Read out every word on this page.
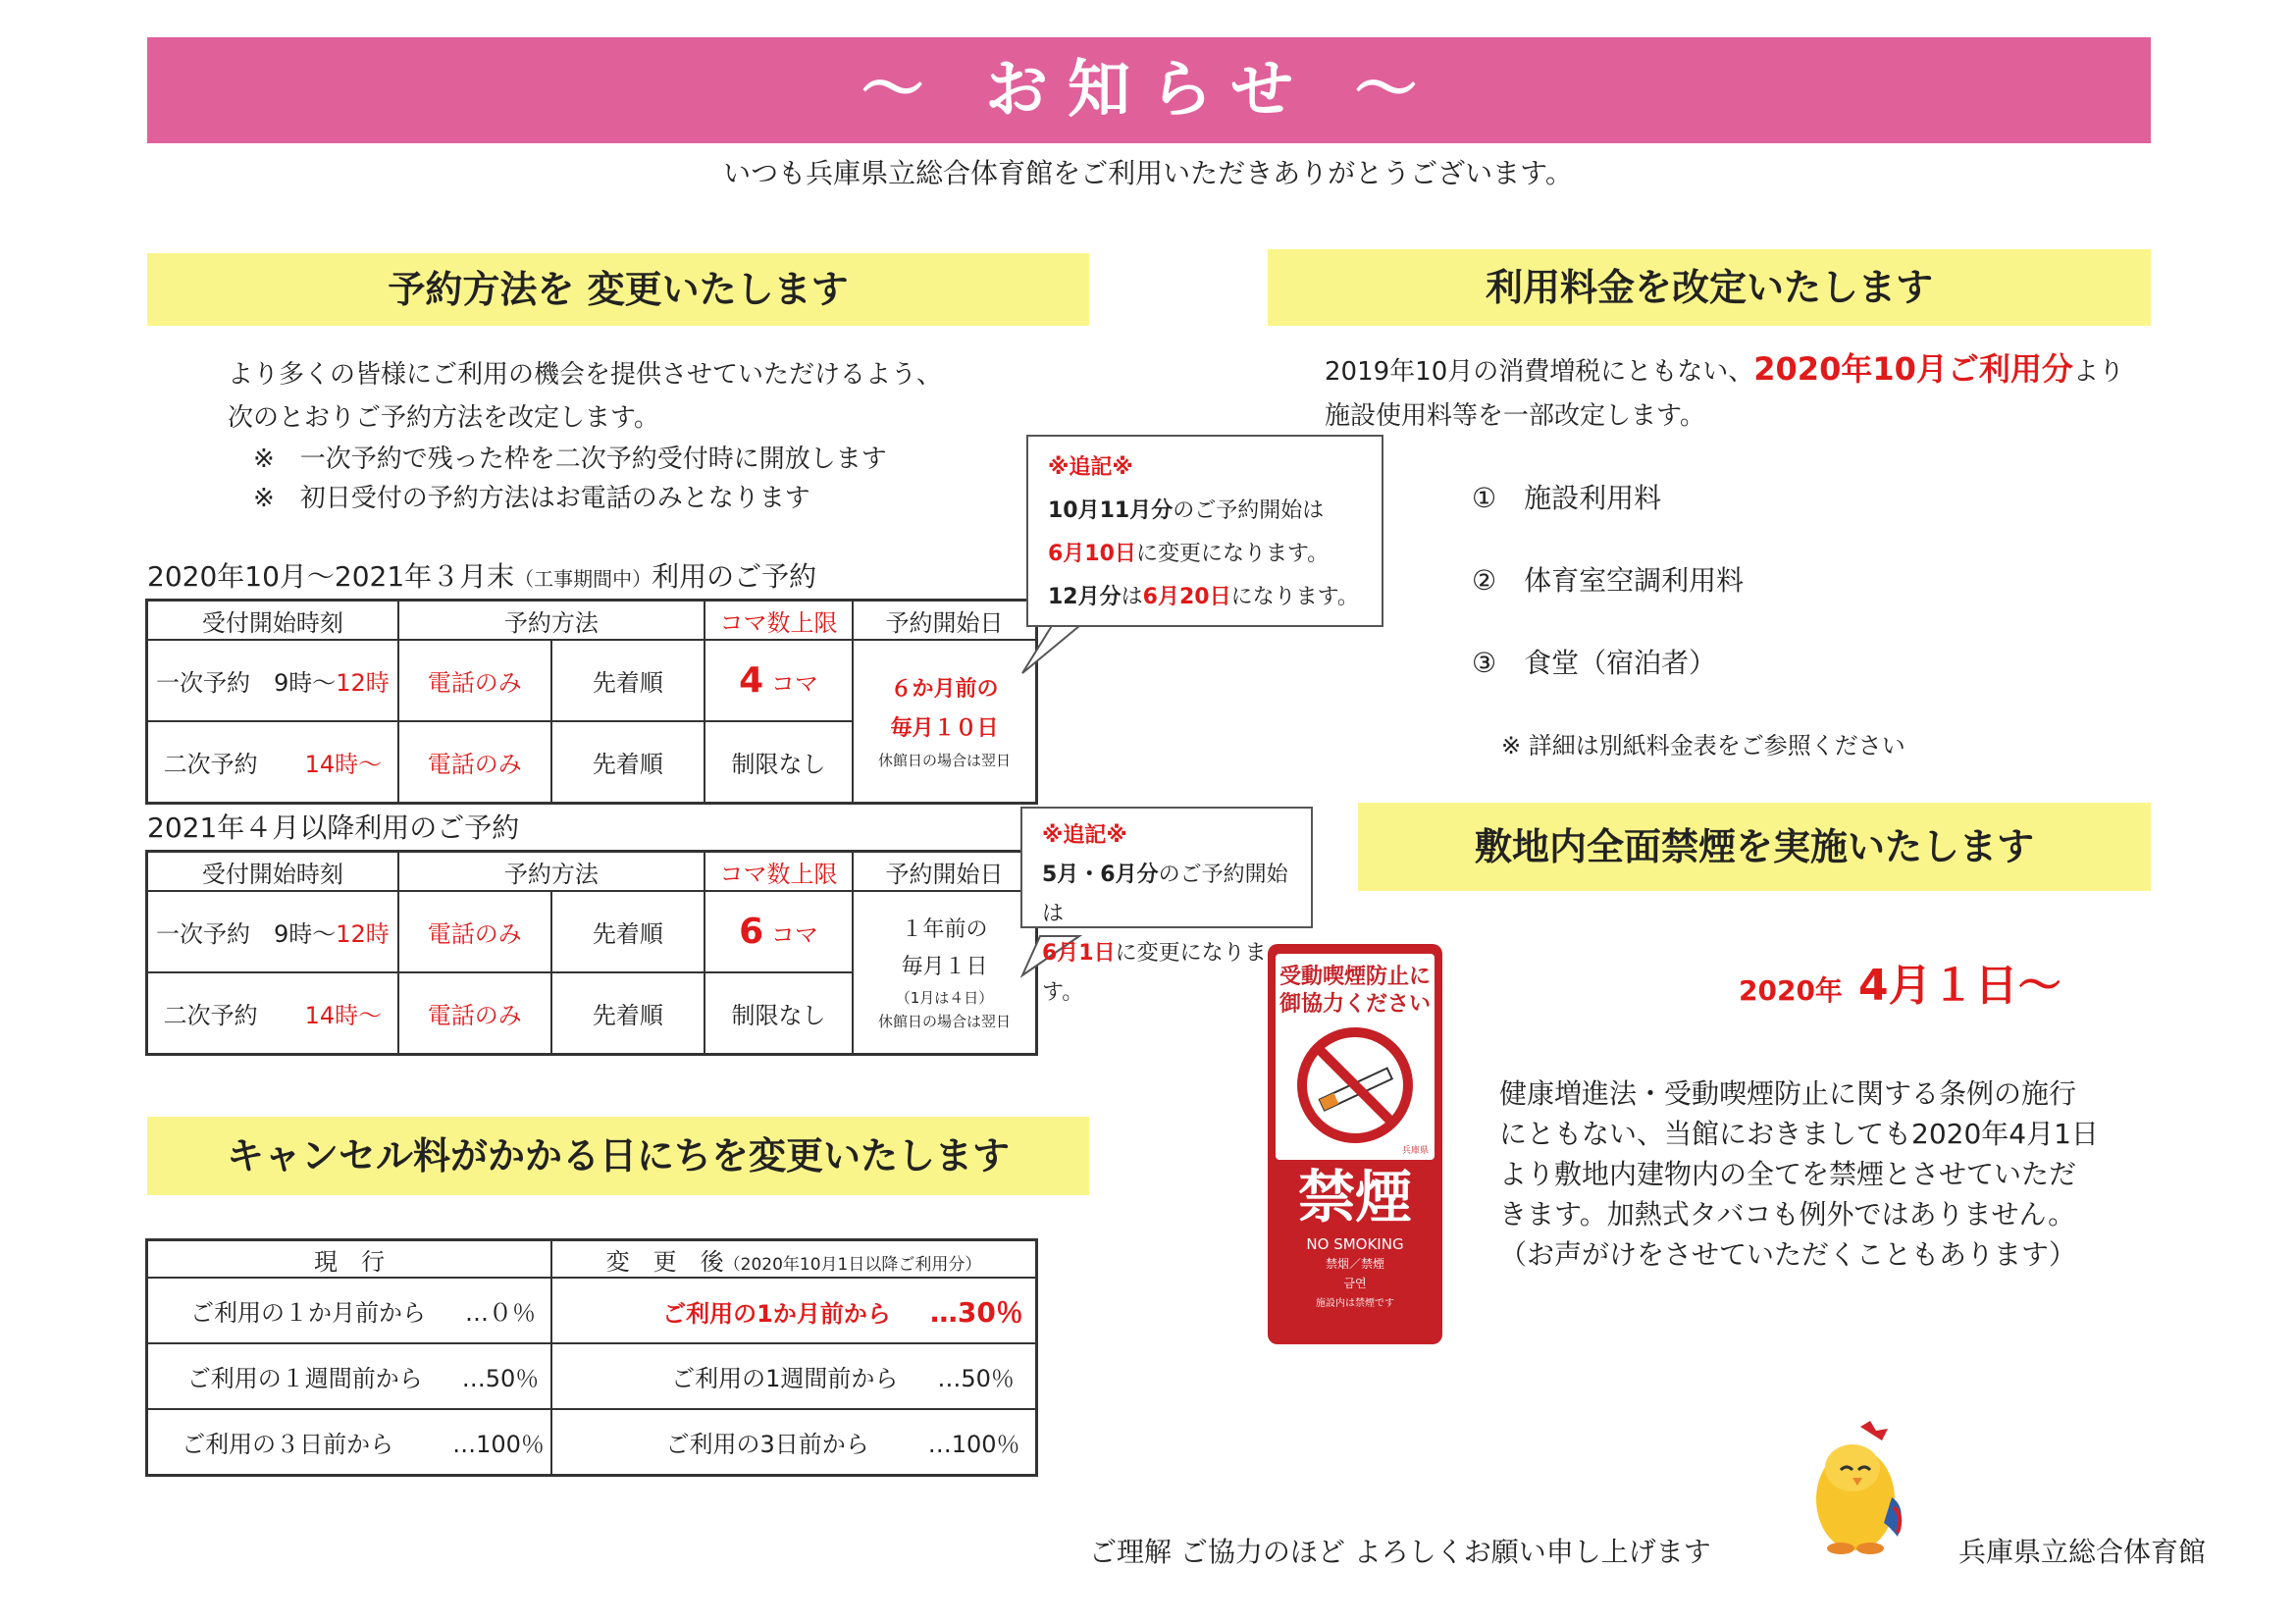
～ お知らせ ～
いつも兵庫県立総合体育館をご利用いただきありがとうございます。
予約方法を 変更いたします
より多くの皆様にご利用の機会を提供させていただけるよう、
次のとおりご予約方法を改定します。
※　一次予約で残った枠を二次予約受付時に開放します
※　初日受付の予約方法はお電話のみとなります
2020年10月～2021年３月末（工事期間中）利用のご予約
受付開始時刻	予約方法		コマ数上限	予約開始日
一次予約　 9時～12時	電話のみ	先着順	4 コマ	６か月前の
毎月１０日
休館日の場合は翌日

二次予約　　 14時～	電話のみ	先着順	制限なし	
2021年４月以降利用のご予約
受付開始時刻	予約方法		コマ数上限	予約開始日
一次予約　 9時～12時	電話のみ	先着順	6 コマ	１年前の
毎月１日
（1月は４日）
休館日の場合は翌日

二次予約　　 14時～	電話のみ	先着順	制限なし	
※追記※
10月11月分のご予約開始は
6月10日に変更になります。
12月分は6月20日になります。
※追記※
5月・6月分のご予約開始は
6月1日に変更になります。
キャンセル料がかかる日にちを変更いたします
現　行	変　更　後（2020年10月1日以降ご利用分）
ご利用の１か月前から …０％	ご利用の1か月前から …30％
ご利用の１週間前から …50％	ご利用の1週間前から …50％
ご利用の３日前から …100％	ご利用の3日前から …100％
利用料金を改定いたします
2019年10月の消費増税にともない、2020年10月ご利用分より
施設使用料等を一部改定します。
①　施設利用料
②　体育室空調利用料
③　食堂（宿泊者）
※ 詳細は別紙料金表をご参照ください
敷地内全面禁煙を実施いたします
2020年　 4月１日～
受動喫煙防止に
御協力ください
兵庫県
禁煙
NO SMOKING
禁烟／禁煙
금연
施設内は禁煙です
健康増進法・受動喫煙防止に関する条例の施行
にともない、当館におきましても2020年4月1日
より敷地内建物内の全てを禁煙とさせていただ
きます。加熱式タバコも例外ではありません。
（お声がけをさせていただくこともあります）
ご理解 ご協力のほど よろしくお願い申し上げます	兵庫県立総合体育館
